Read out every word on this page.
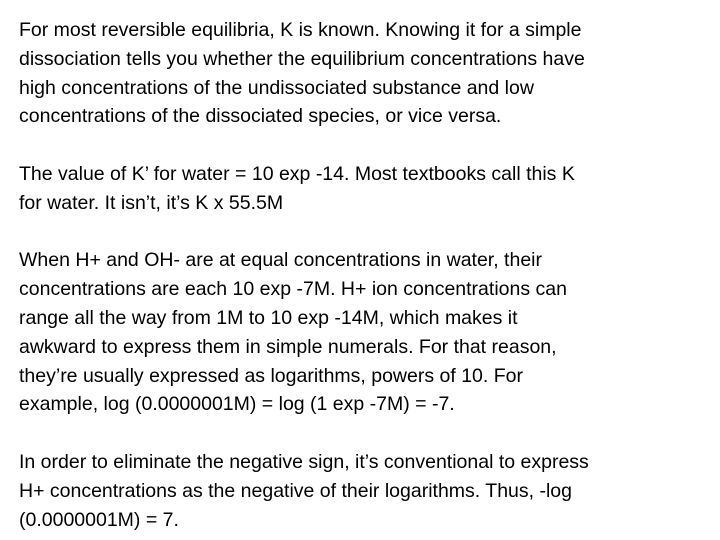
For most reversible equilibria, K is known. Knowing it for a simple
dissociation tells you whether the equilibrium concentrations have
high concentrations of the undissociated substance and low
concentrations of the dissociated species, or vice versa.

The value of K’ for water = 10 exp -14. Most textbooks call this K
for water. It isn’t, it’s K x 55.5M

When H+ and OH- are at equal concentrations in water, their
concentrations are each 10 exp -7M. H+ ion concentrations can
range all the way from 1M to 10 exp -14M, which makes it
awkward to express them in simple numerals. For that reason,
they’re usually expressed as logarithms, powers of 10. For
example, log (0.0000001M) = log (1 exp -7M) = -7.

In order to eliminate the negative sign, it’s conventional to express
H+ concentrations as the negative of their logarithms. Thus, -log
(0.0000001M) = 7.
